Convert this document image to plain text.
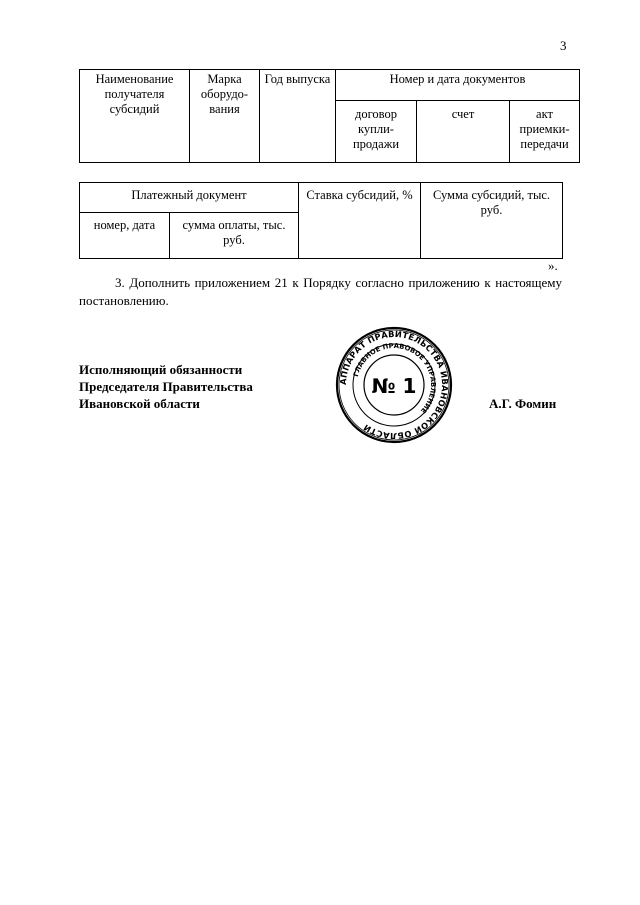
3
Наименование получателя субсидий	Марка оборудо-вания	Год выпуска	Номер и дата документов		
			договор купли-продажи	счет	акт приемки-передачи
Платежный документ		Ставка субсидий, %	Сумма субсидий, тыс. руб.
номер, дата	сумма оплаты, тыс. руб.		
».
3. Дополнить приложением 21 к Порядку согласно приложению к настоящему постановлению.
Исполняющий обязанности
Председателя Правительства
Ивановской области
АППАРАТ ПРАВИТЕЛЬСТВА ИВАНОВСКОЙ ОБЛАСТИ
ГЛАВНОЕ ПРАВОВОЕ УПРАВЛЕНИЕ
№ 1
А.Г. Фомин
